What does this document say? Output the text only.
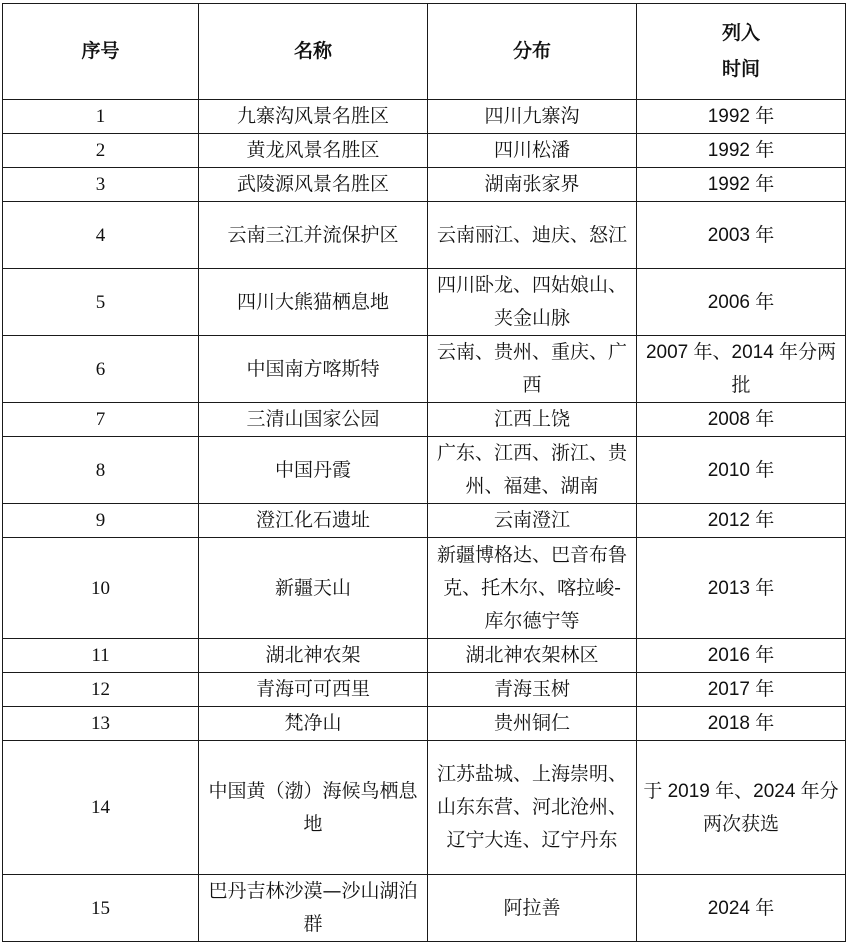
序号	名称	分布	列入
时间

1	九寨沟风景名胜区	四川九寨沟	1992 年
2	黄龙风景名胜区	四川松潘	1992 年
3	武陵源风景名胜区	湖南张家界	1992 年
4	云南三江并流保护区	云南丽江、迪庆、怒江	2003 年
5	四川大熊猫栖息地	四川卧龙、四姑娘山、夹金山脉	2006 年
6	中国南方喀斯特	云南、贵州、重庆、广西	2007 年、2014 年分两批
7	三清山国家公园	江西上饶	2008 年
8	中国丹霞	广东、江西、浙江、贵州、福建、湖南	2010 年
9	澄江化石遗址	云南澄江	2012 年
10	新疆天山	新疆博格达、巴音布鲁克、托木尔、喀拉峻-库尔德宁等	2013 年
11	湖北神农架	湖北神农架林区	2016 年
12	青海可可西里	青海玉树	2017 年
13	梵净山	贵州铜仁	2018 年
14	中国黄（渤）海候鸟栖息地	江苏盐城、上海崇明、山东东营、河北沧州、辽宁大连、辽宁丹东	于 2019 年、2024 年分两次获选
15	巴丹吉林沙漠—沙山湖泊群	阿拉善	2024 年
